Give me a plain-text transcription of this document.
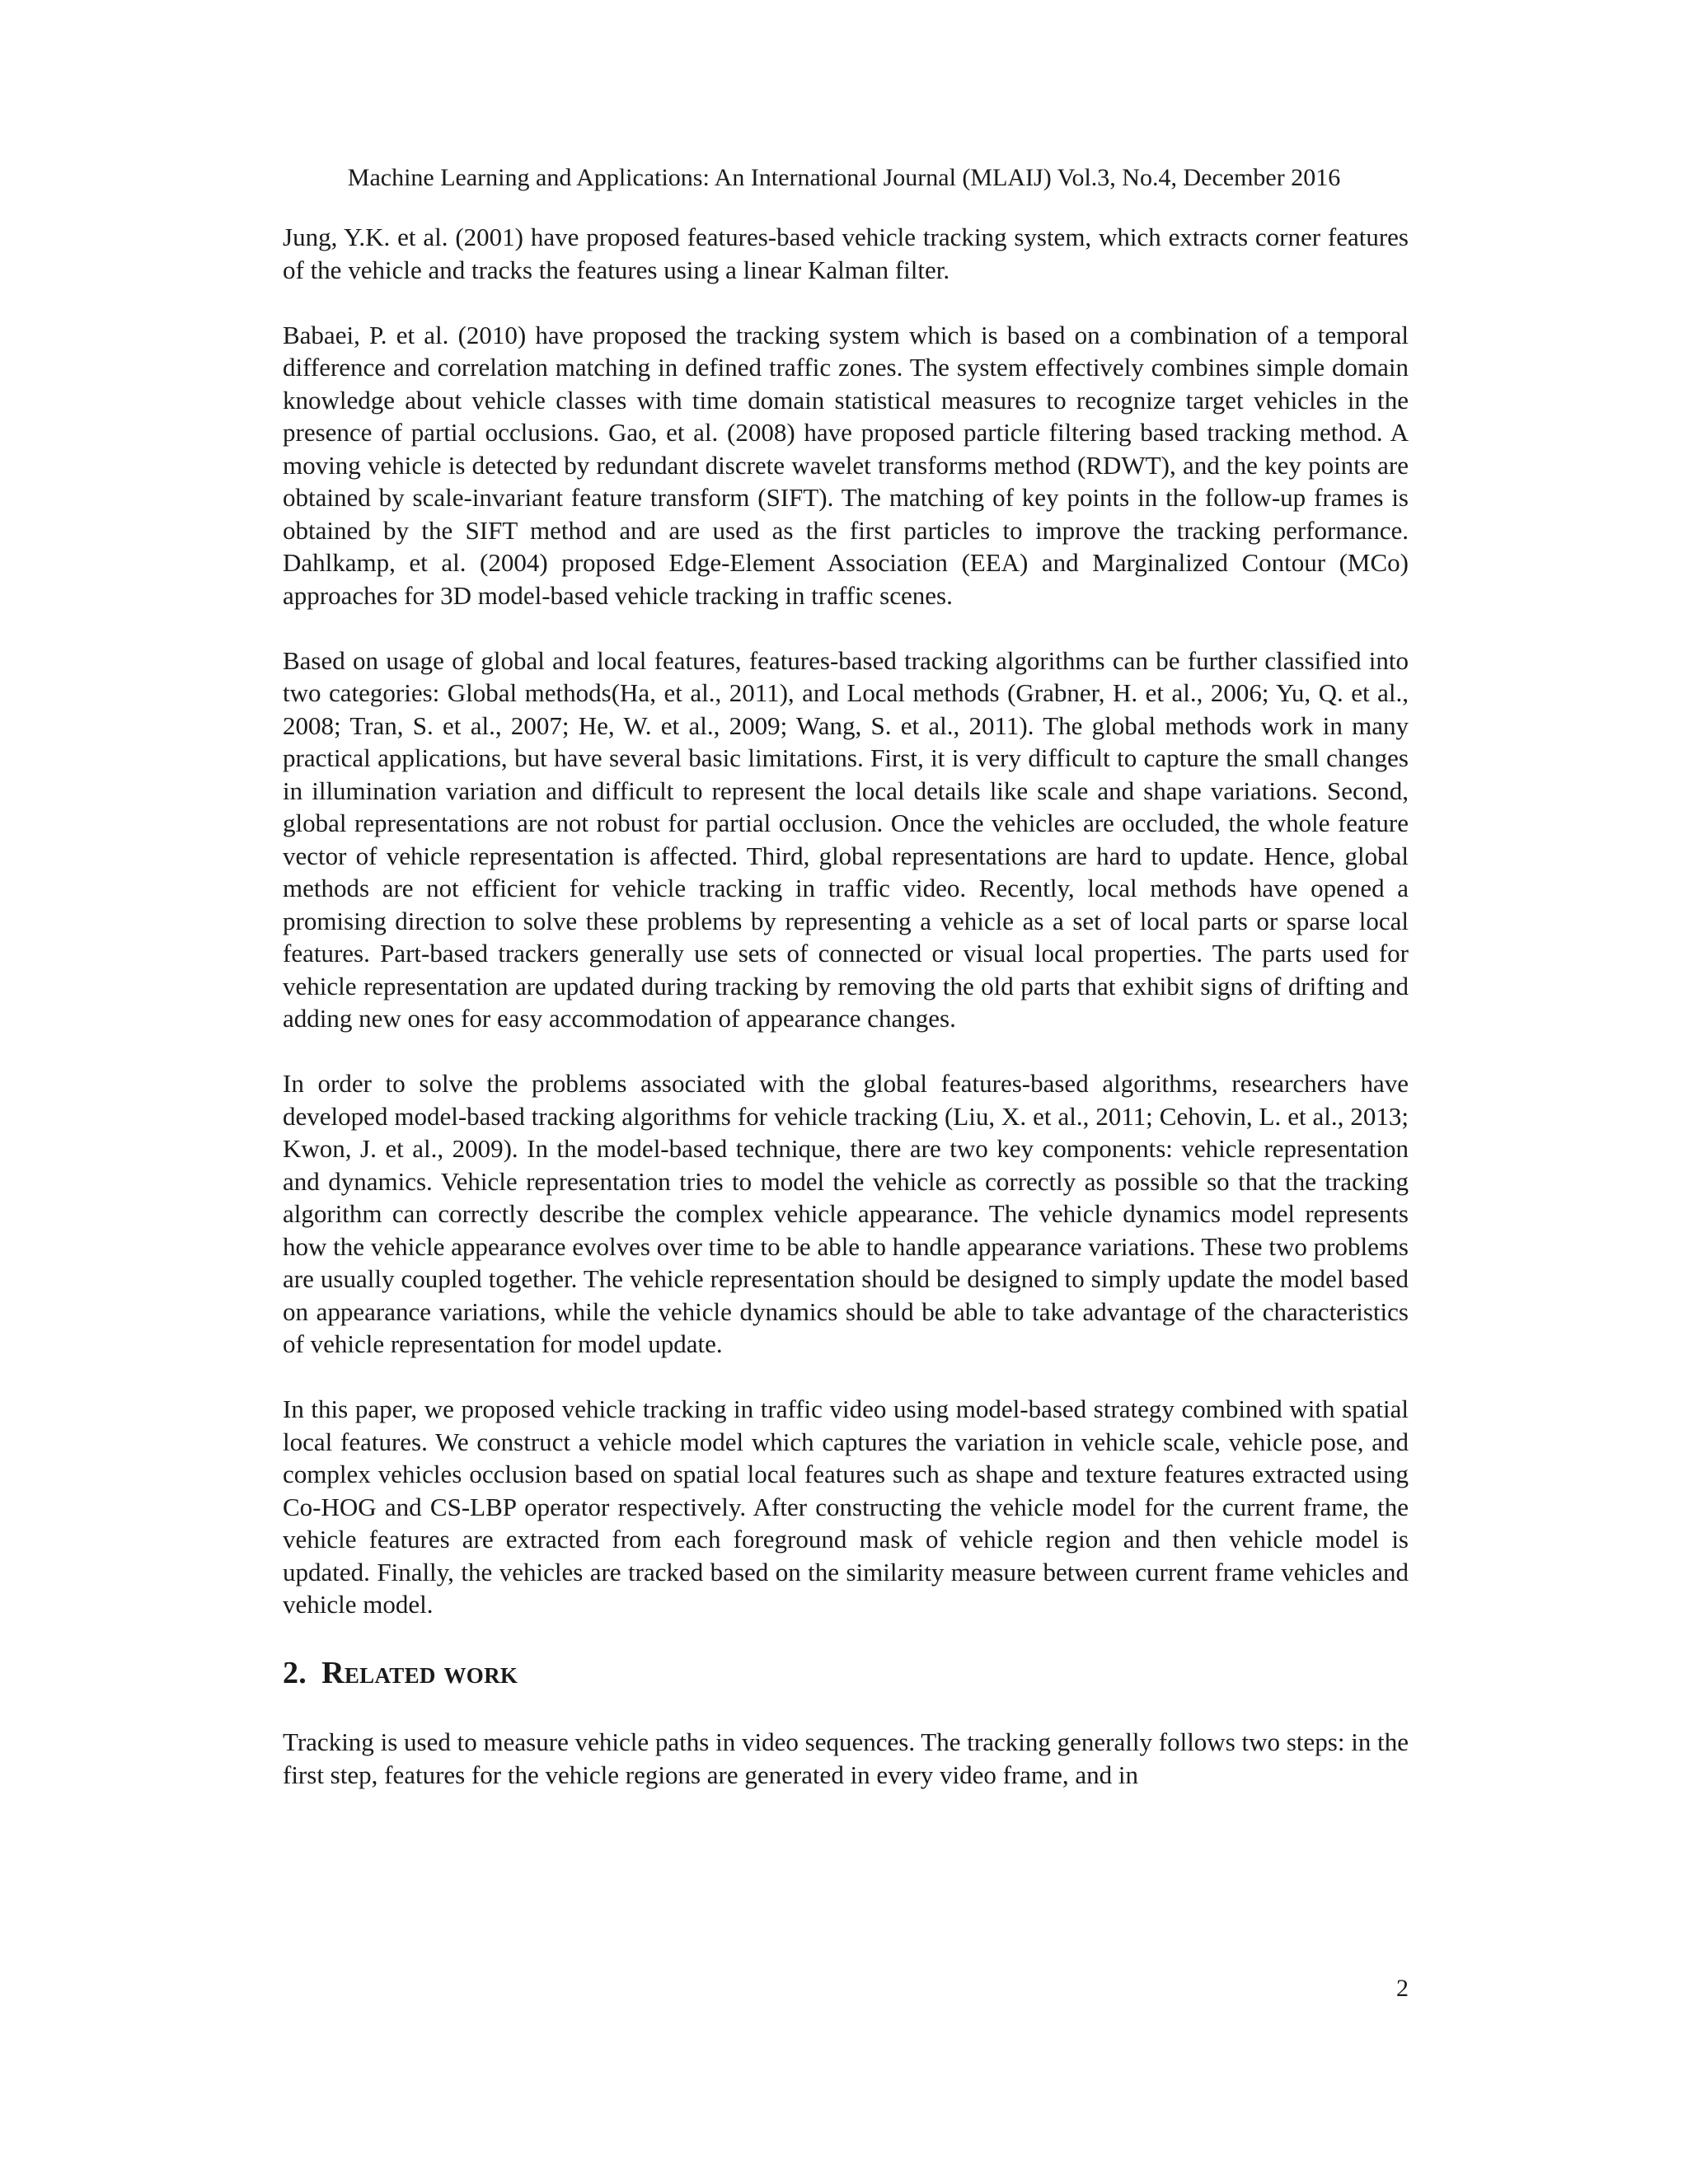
Machine Learning and Applications: An International Journal (MLAIJ) Vol.3, No.4, December 2016

Jung, Y.K. et al. (2001) have proposed features-based vehicle tracking system, which extracts corner features of the vehicle and tracks the features using a linear Kalman filter.

Babaei, P. et al. (2010) have proposed the tracking system which is based on a combination of a temporal difference and correlation matching in defined traffic zones. The system effectively combines simple domain knowledge about vehicle classes with time domain statistical measures to recognize target vehicles in the presence of partial occlusions. Gao, et al. (2008) have proposed particle filtering based tracking method. A moving vehicle is detected by redundant discrete wavelet transforms method (RDWT), and the key points are obtained by scale-invariant feature transform (SIFT). The matching of key points in the follow-up frames is obtained by the SIFT method and are used as the first particles to improve the tracking performance. Dahlkamp, et al. (2004) proposed Edge-Element Association (EEA) and Marginalized Contour (MCo) approaches for 3D model-based vehicle tracking in traffic scenes.

Based on usage of global and local features, features-based tracking algorithms can be further classified into two categories: Global methods(Ha, et al., 2011), and Local methods (Grabner, H. et al., 2006; Yu, Q. et al., 2008; Tran, S. et al., 2007; He, W. et al., 2009; Wang, S. et al., 2011). The global methods work in many practical applications, but have several basic limitations. First, it is very difficult to capture the small changes in illumination variation and difficult to represent the local details like scale and shape variations. Second, global representations are not robust for partial occlusion. Once the vehicles are occluded, the whole feature vector of vehicle representation is affected. Third, global representations are hard to update. Hence, global methods are not efficient for vehicle tracking in traffic video. Recently, local methods have opened a promising direction to solve these problems by representing a vehicle as a set of local parts or sparse local features. Part-based trackers generally use sets of connected or visual local properties. The parts used for vehicle representation are updated during tracking by removing the old parts that exhibit signs of drifting and adding new ones for easy accommodation of appearance changes.

In order to solve the problems associated with the global features-based algorithms, researchers have developed model-based tracking algorithms for vehicle tracking (Liu, X. et al., 2011; Cehovin, L. et al., 2013; Kwon, J. et al., 2009). In the model-based technique, there are two key components: vehicle representation and dynamics. Vehicle representation tries to model the vehicle as correctly as possible so that the tracking algorithm can correctly describe the complex vehicle appearance. The vehicle dynamics model represents how the vehicle appearance evolves over time to be able to handle appearance variations. These two problems are usually coupled together. The vehicle representation should be designed to simply update the model based on appearance variations, while the vehicle dynamics should be able to take advantage of the characteristics of vehicle representation for model update.

In this paper, we proposed vehicle tracking in traffic video using model-based strategy combined with spatial local features. We construct a vehicle model which captures the variation in vehicle scale, vehicle pose, and complex vehicles occlusion based on spatial local features such as shape and texture features extracted using Co-HOG and CS-LBP operator respectively. After constructing the vehicle model for the current frame, the vehicle features are extracted from each foreground mask of vehicle region and then vehicle model is updated. Finally, the vehicles are tracked based on the similarity measure between current frame vehicles and vehicle model.

2. Related work

Tracking is used to measure vehicle paths in video sequences. The tracking generally follows two steps: in the first step, features for the vehicle regions are generated in every video frame, and in

2
